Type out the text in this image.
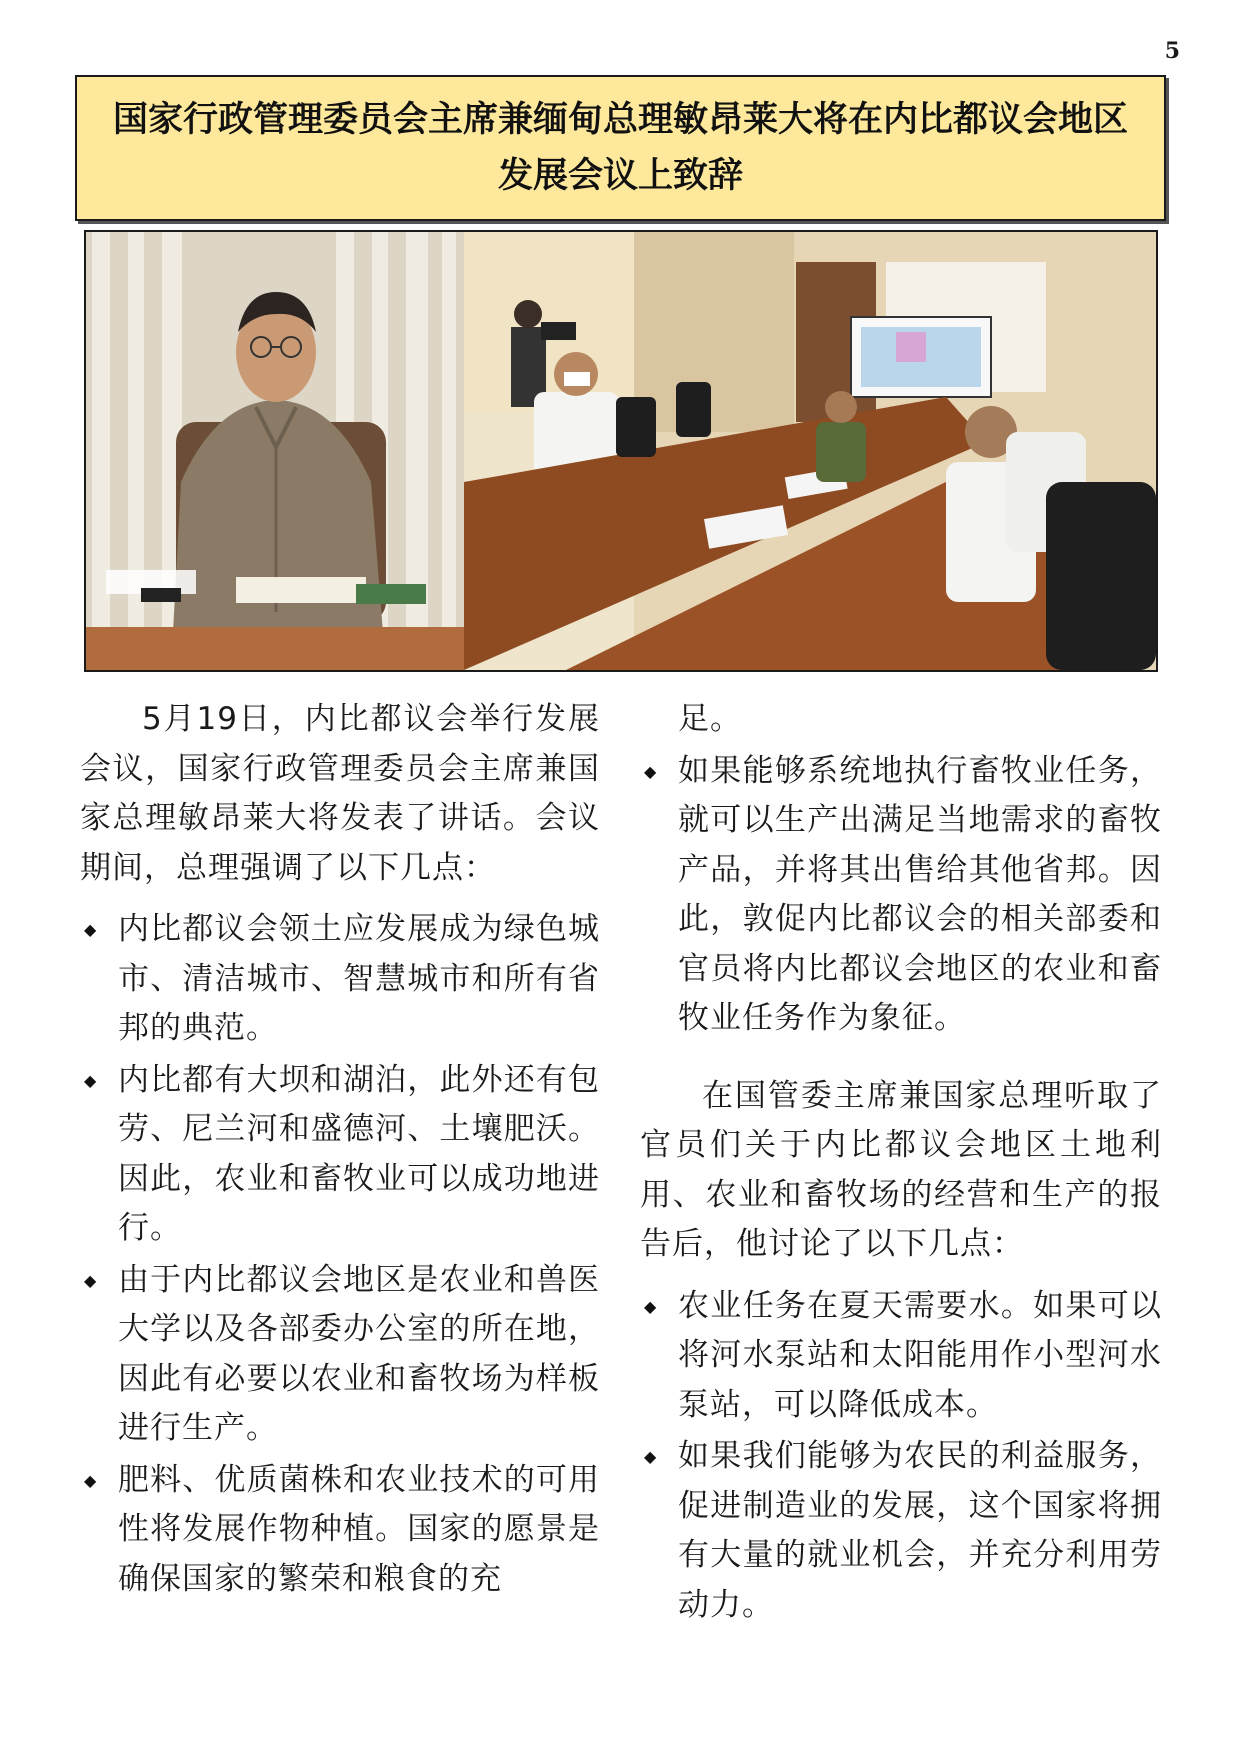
5
国家行政管理委员会主席兼缅甸总理敏昂莱大将在内比都议会地区发展会议上致辞

5月19日，内比都议会举行发展会议，国家行政管理委员会主席兼国家总理敏昂莱大将发表了讲话。会议期间，总理强调了以下几点：

◆ 内比都议会领土应发展成为绿色城市、清洁城市、智慧城市和所有省邦的典范。
◆ 内比都有大坝和湖泊，此外还有包劳、尼兰河和盛德河、土壤肥沃。因此，农业和畜牧业可以成功地进行。
◆ 由于内比都议会地区是农业和兽医大学以及各部委办公室的所在地，因此有必要以农业和畜牧场为样板进行生产。
◆ 肥料、优质菌株和农业技术的可用性将发展作物种植。国家的愿景是确保国家的繁荣和粮食的充

足。

◆ 如果能够系统地执行畜牧业任务，就可以生产出满足当地需求的畜牧产品，并将其出售给其他省邦。因此，敦促内比都议会的相关部委和官员将内比都议会地区的农业和畜牧业任务作为象征。

在国管委主席兼国家总理听取了官员们关于内比都议会地区土地利用、农业和畜牧场的经营和生产的报告后，他讨论了以下几点：

◆ 农业任务在夏天需要水。如果可以将河水泵站和太阳能用作小型河水泵站，可以降低成本。
◆ 如果我们能够为农民的利益服务，促进制造业的发展，这个国家将拥有大量的就业机会，并充分利用劳动力。
